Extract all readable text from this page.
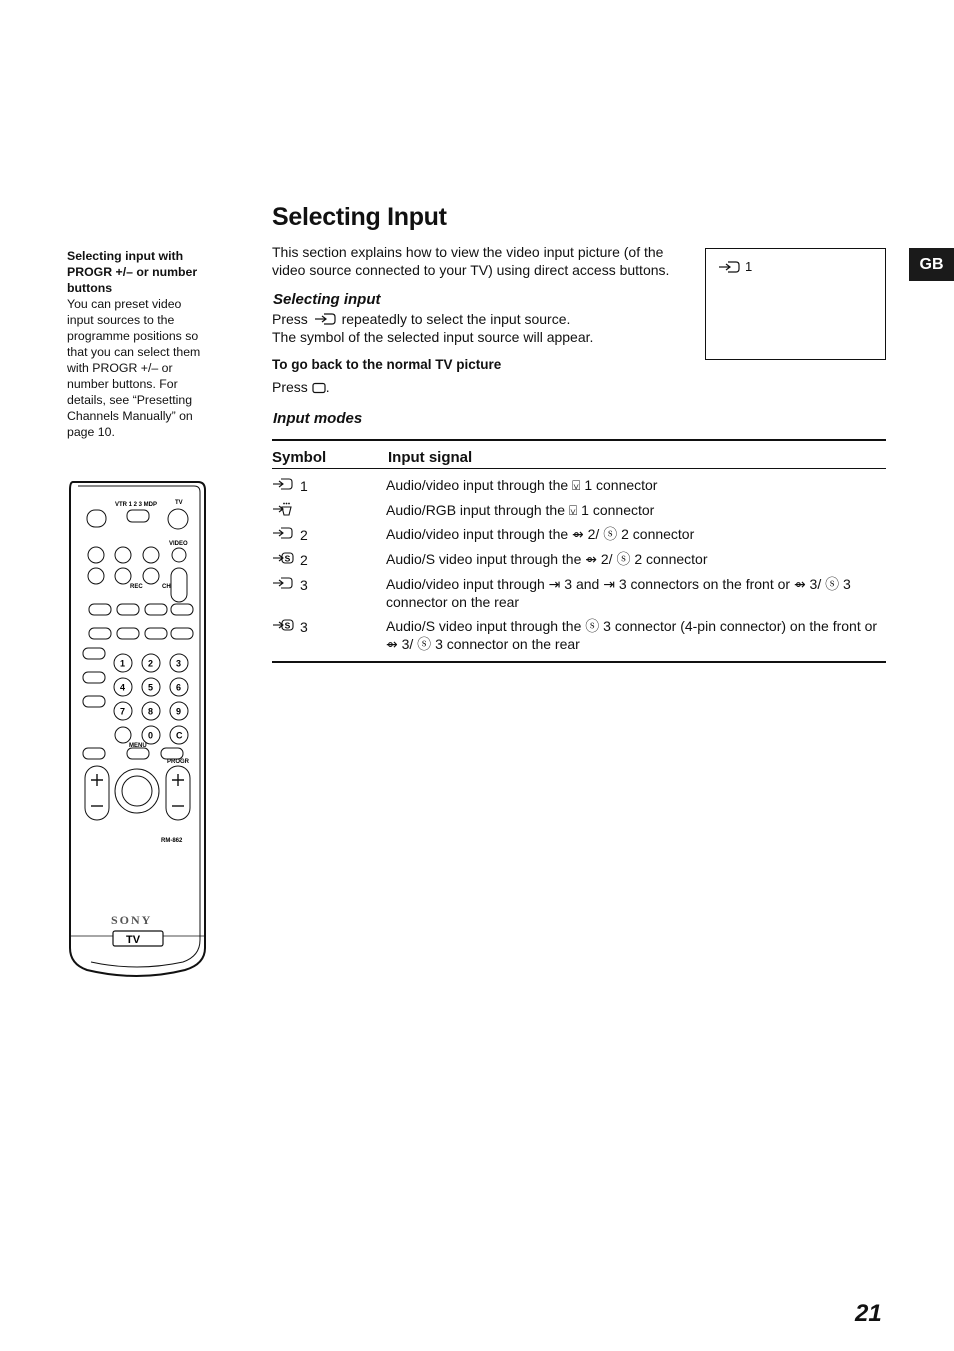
Selecting input with PROGR +/– or number buttons
You can preset video input sources to the programme positions so that you can select them with PROGR +/– or number buttons. For details, see “Presetting Channels Manually” on page 10.
Selecting Input
This section explains how to view the video input picture (of the video source connected to your TV) using direct access buttons.	1	GB
Selecting input
Press repeatedly to select the input source.
The symbol of the selected input source will appear.
To go back to the normal TV picture
Press .
Input modes
Symbol	Input signal
1	Audio/video input through the ⍌ 1 connector
Audio/RGB input through the ⍌ 1 connector
2	Audio/video input through the ⇴ 2/ ⓢ 2 connector
S 2	Audio/S video input through the ⇴ 2/ ⓢ 2 connector
3	Audio/video input through ⇥ 3 and ⇥ 3 connectors on the front or ⇴ 3/ ⓢ 3 connector on the rear
S 3	Audio/S video input through the ⓢ 3 connector (4-pin connector) on the front or ⇴ 3/ ⓢ 3 connector on the rear
21
1	2	3
4	5	6
7	8	9
0	C
VTR 1 2 3 MDP	TV
VIDEO
REC	CH
MENU
PROGR
RM-862
SONY
TV
